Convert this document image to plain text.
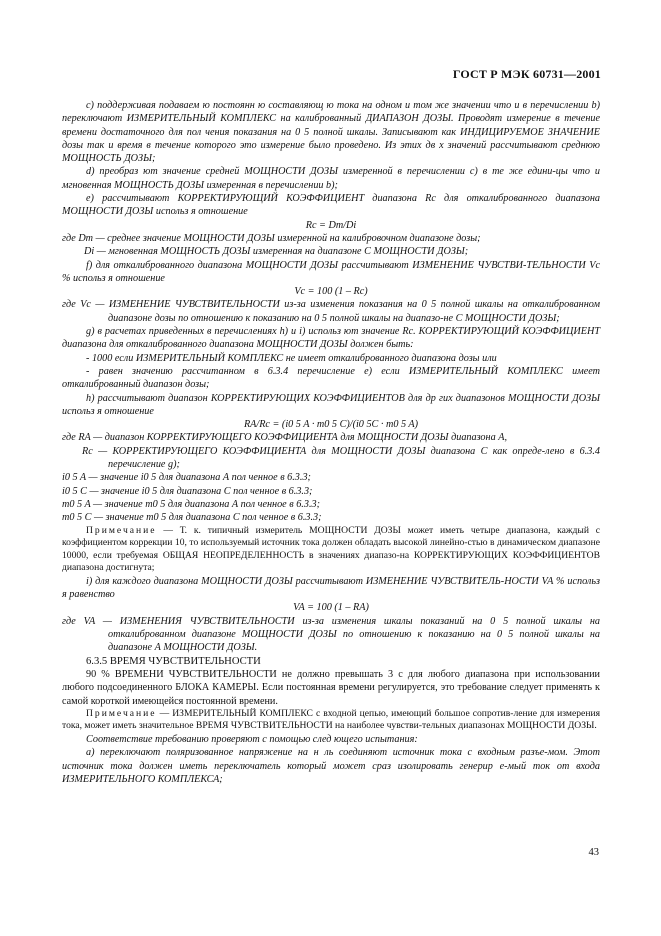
ГОСТ Р МЭК 60731—2001

c) поддерживая подаваем ю постоянн ю составляющ ю тока на одном и том же значении что и в перечислении b) переключают ИЗМЕРИТЕЛЬНЫЙ КОМПЛЕКС на калиброванный ДИАПАЗОН ДОЗЫ. Проводят измерение в течение времени достаточного для пол чения показания на 0 5 полной шкалы. Записывают как ИНДИЦИРУЕМОЕ ЗНАЧЕНИЕ дозы так и время в течение которого это измерение было проведено. Из этих дв х значений рассчитывают среднюю МОЩНОСТЬ ДОЗЫ;

d) преобраз ют значение средней МОЩНОСТИ ДОЗЫ измеренной в перечислении c) в те же едини-цы что и мгновенная МОЩНОСТЬ ДОЗЫ измеренная в перечислении b);

e) рассчитывают КОРРЕКТИРУЮЩИЙ КОЭФФИЦИЕНТ диапазона Rc для откалиброванного диапазона МОЩНОСТИ ДОЗЫ использ я отношение

Rc = Dm/Di

где Dm — среднее значение МОЩНОСТИ ДОЗЫ измеренной на калибровочном диапазоне дозы;

Di — мгновенная МОЩНОСТЬ ДОЗЫ измеренная на диапазоне С МОЩНОСТИ ДОЗЫ;

f) для откалиброванного диапазона МОЩНОСТИ ДОЗЫ рассчитывают ИЗМЕНЕНИЕ ЧУВСТВИ-ТЕЛЬНОСТИ Vc % использ я отношение

Vc = 100 (1 – Rc)

где Vc — ИЗМЕНЕНИЕ ЧУВСТВИТЕЛЬНОСТИ из-за изменения показания на 0 5 полной шкалы на откалиброванном диапазоне дозы по отношению к показанию на 0 5 полной шкалы на диапазо-не С МОЩНОСТИ ДОЗЫ;

g) в расчетах приведенных в перечислениях h) и i) использ ют значение Rc. КОРРЕКТИРУЮЩИЙ КОЭФФИЦИЕНТ диапазона для откалиброванного диапазона МОЩНОСТИ ДОЗЫ должен быть:

- 1000 если ИЗМЕРИТЕЛЬНЫЙ КОМПЛЕКС не имеет откалиброванного диапазона дозы или

- равен значению рассчитанном в 6.3.4 перечисление e) если ИЗМЕРИТЕЛЬНЫЙ КОМПЛЕКС имеет откалиброванный диапазон дозы;

h) рассчитывают диапазон КОРРЕКТИРУЮЩИХ КОЭФФИЦИЕНТОВ для др гих диапазонов МОЩНОСТИ ДОЗЫ использ я отношение

RA/Rc = (i0 5 A · m0 5 C)/(i0 5C · m0 5 A)

где RA — диапазон КОРРЕКТИРУЮЩЕГО КОЭФФИЦИЕНТА для МОЩНОСТИ ДОЗЫ диапазона А,

Rc — КОРРЕКТИРУЮЩЕГО КОЭФФИЦИЕНТА для МОЩНОСТИ ДОЗЫ диапазона С как опреде-лено в 6.3.4 перечисление g);

i0 5 A — значение i0 5 для диапазона А пол ченное в 6.3.3;

i0 5 C — значение i0 5 для диапазона С пол ченное в 6.3.3;

m0 5 A — значение m0 5 для диапазона А пол ченное в 6.3.3;

m0 5 C — значение m0 5 для диапазона С пол ченное в 6.3.3;

Примечание — Т. к. типичный измеритель МОЩНОСТИ ДОЗЫ может иметь четыре диапазона, каждый с коэффициентом коррекции 10, то используемый источник тока должен обладать высокой линейно-стью в динамическом диапазоне 10000, если требуемая ОБЩАЯ НЕОПРЕДЕЛЕННОСТЬ в значениях диапазо-на КОРРЕКТИРУЮЩИХ КОЭФФИЦИЕНТОВ диапазона достигнута;

i) для каждого диапазона МОЩНОСТИ ДОЗЫ рассчитывают ИЗМЕНЕНИЕ ЧУВСТВИТЕЛЬ-НОСТИ VA % использ я равенство

VA = 100 (1 – RA)

где VA — ИЗМЕНЕНИЯ ЧУВСТВИТЕЛЬНОСТИ из-за изменения шкалы показаний на 0 5 полной шкалы на откалиброванном диапазоне МОЩНОСТИ ДОЗЫ по отношению к показанию на 0 5 полной шкалы на диапазоне А МОЩНОСТИ ДОЗЫ.

6.3.5 ВРЕМЯ ЧУВСТВИТЕЛЬНОСТИ

90 % ВРЕМЕНИ ЧУВСТВИТЕЛЬНОСТИ не должно превышать 3 с для любого диапазона при использовании любого подсоединенного БЛОКА КАМЕРЫ. Если постоянная времени регулируется, это требование следует применять к самой короткой имеющейся постоянной времени.

Примечание — ИЗМЕРИТЕЛЬНЫЙ КОМПЛЕКС с входной цепью, имеющий большое сопротив-ление для измерения тока, может иметь значительное ВРЕМЯ ЧУВСТВИТЕЛЬНОСТИ на наиболее чувстви-тельных диапазонах МОЩНОСТИ ДОЗЫ.

Соответствие требованию проверяют с помощью след ющего испытания:

a) переключают поляризованное напряжение на н ль соединяют источник тока с входным разъе-мом. Этот источник тока должен иметь переключатель который может сраз изолировать генерир е-мый ток от входа ИЗМЕРИТЕЛЬНОГО КОМПЛЕКСА;

43
